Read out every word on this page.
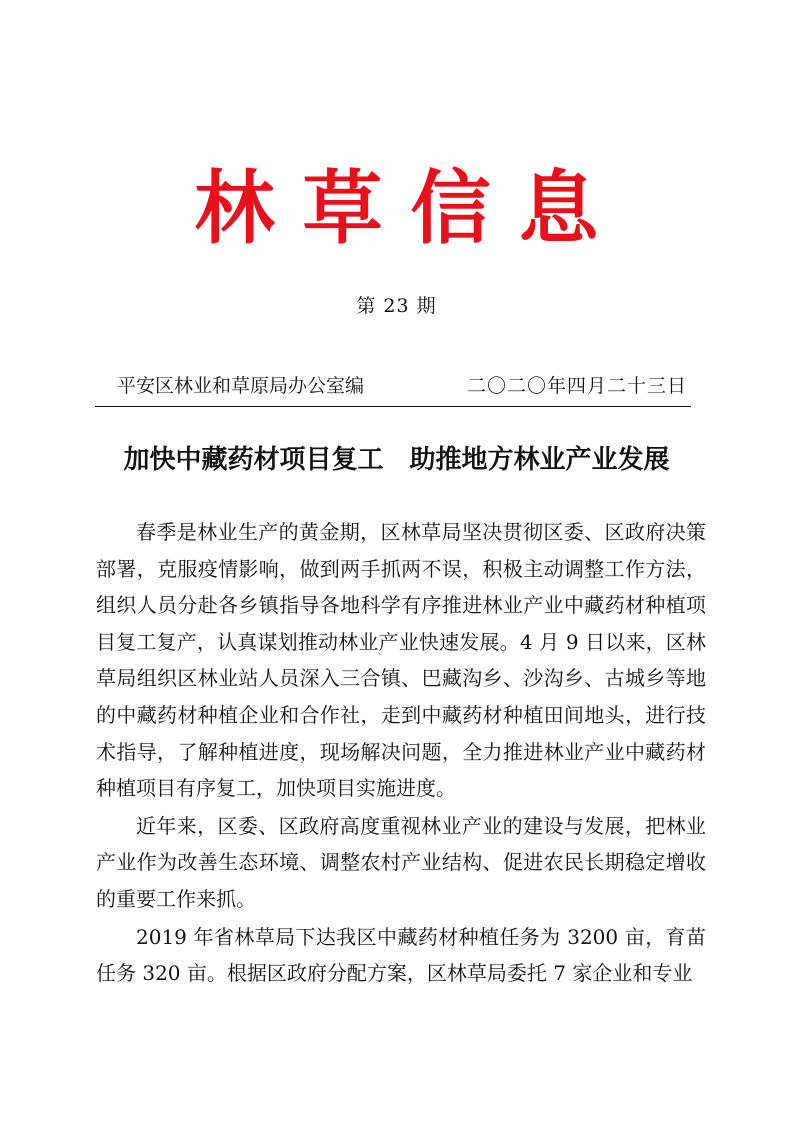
林草信息
第 23 期
平安区林业和草原局办公室编	二〇二〇年四月二十三日
加快中藏药材项目复工　助推地方林业产业发展

春季是林业生产的黄金期，区林草局坚决贯彻区委、区政府决策部署，克服疫情影响，做到两手抓两不误，积极主动调整工作方法，组织人员分赴各乡镇指导各地科学有序推进林业产业中藏药材种植项目复工复产，认真谋划推动林业产业快速发展。4 月 9 日以来，区林草局组织区林业站人员深入三合镇、巴藏沟乡、沙沟乡、古城乡等地的中藏药材种植企业和合作社，走到中藏药材种植田间地头，进行技术指导，了解种植进度，现场解决问题，全力推进林业产业中藏药材种植项目有序复工，加快项目实施进度。

近年来，区委、区政府高度重视林业产业的建设与发展，把林业产业作为改善生态环境、调整农村产业结构、促进农民长期稳定增收的重要工作来抓。

2019 年省林草局下达我区中藏药材种植任务为 3200 亩，育苗任务 320 亩。根据区政府分配方案，区林草局委托 7 家企业和专业
